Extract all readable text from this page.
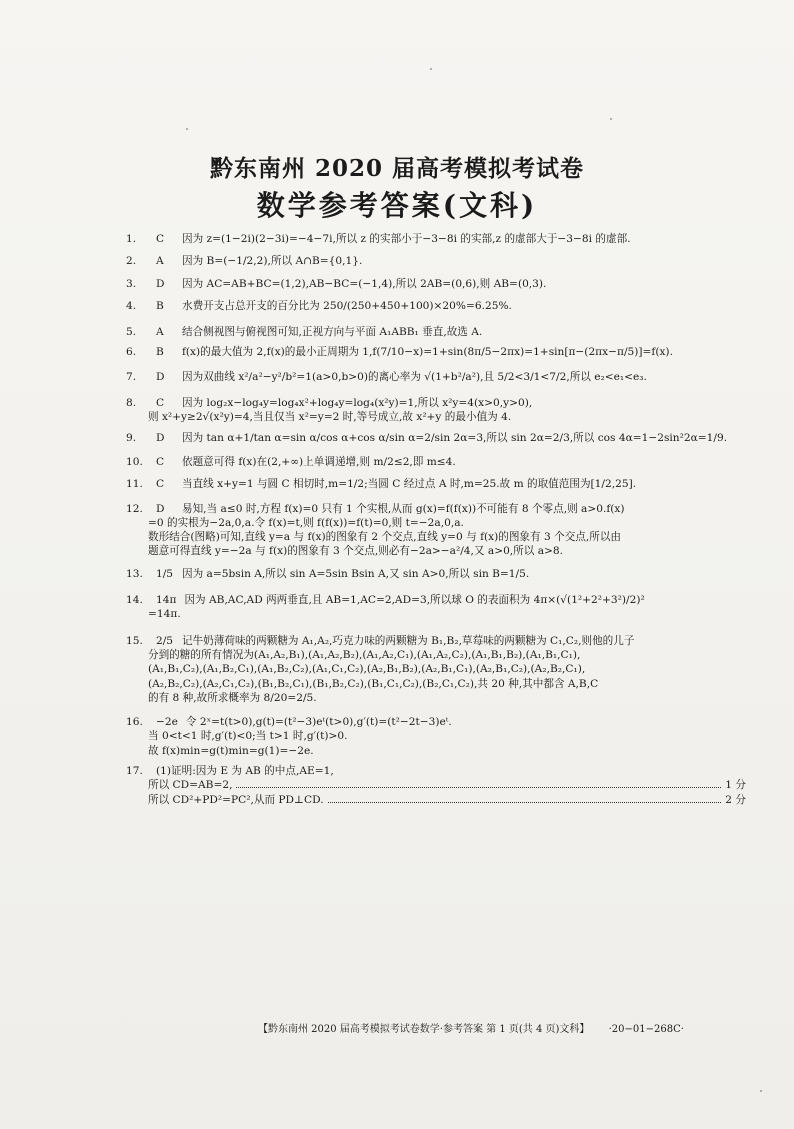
黔东南州 2020 届高考模拟考试卷
数学参考答案(文科)
1. C 因为 z=(1−2i)(2−3i)=−4−7i,所以 z 的实部小于−3−8i 的实部,z 的虚部大于−3−8i 的虚部.
2. A 因为 B=(−1/2,2),所以 A∩B={0,1}.
3. D 因为 AC=AB+BC=(1,2),AB−BC=(−1,4),所以 2AB=(0,6),则 AB=(0,3).
4. B 水费开支占总开支的百分比为 250/(250+450+100)×20%=6.25%.
5. A 结合侧视图与俯视图可知,正视方向与平面 A₁ABB₁ 垂直,故选 A.
6. B f(x)的最大值为 2,f(x)的最小正周期为 1,f(7/10−x)=1+sin(8π/5−2πx)=1+sin[π−(2πx−π/5)]=f(x).
7. D 因为双曲线 x²/a²−y²/b²=1(a>0,b>0)的离心率为 √(1+b²/a²),且 5/2<3/1<7/2,所以 e₂<e₁<e₃.
8. C 因为 log₂x−log₄y=log₄x²+log₄y=log₄(x²y)=1,所以 x²y=4(x>0,y>0),
则 x²+y≥2√(x²y)=4,当且仅当 x²=y=2 时,等号成立,故 x²+y 的最小值为 4.
9. D 因为 tan α+1/tan α=sin α/cos α+cos α/sin α=2/sin 2α=3,所以 sin 2α=2/3,所以 cos 4α=1−2sin²2α=1/9.
10. C 依题意可得 f(x)在(2,+∞)上单调递增,则 m/2≤2,即 m≤4.
11. C 当直线 x+y=1 与圆 C 相切时,m=1/2;当圆 C 经过点 A 时,m=25.故 m 的取值范围为[1/2,25].
12. D 易知,当 a≤0 时,方程 f(x)=0 只有 1 个实根,从而 g(x)=f(f(x))不可能有 8 个零点,则 a>0.f(x)
=0 的实根为−2a,0,a.令 f(x)=t,则 f(f(x))=f(t)=0,则 t=−2a,0,a.
数形结合(图略)可知,直线 y=a 与 f(x)的图象有 2 个交点,直线 y=0 与 f(x)的图象有 3 个交点,所以由
题意可得直线 y=−2a 与 f(x)的图象有 3 个交点,则必有−2a>−a²/4,又 a>0,所以 a>8.
13. 1/5 因为 a=5bsin A,所以 sin A=5sin Bsin A,又 sin A>0,所以 sin B=1/5.
14. 14π 因为 AB,AC,AD 两两垂直,且 AB=1,AC=2,AD=3,所以球 O 的表面积为 4π×(√(1²+2²+3²)/2)²
=14π.
15. 2/5 记牛奶薄荷味的两颗糖为 A₁,A₂,巧克力味的两颗糖为 B₁,B₂,草莓味的两颗糖为 C₁,C₂,则他的儿子
分到的糖的所有情况为(A₁,A₂,B₁),(A₁,A₂,B₂),(A₁,A₂,C₁),(A₁,A₂,C₂),(A₁,B₁,B₂),(A₁,B₁,C₁),
(A₁,B₁,C₂),(A₁,B₂,C₁),(A₁,B₂,C₂),(A₁,C₁,C₂),(A₂,B₁,B₂),(A₂,B₁,C₁),(A₂,B₁,C₂),(A₂,B₂,C₁),
(A₂,B₂,C₂),(A₂,C₁,C₂),(B₁,B₂,C₁),(B₁,B₂,C₂),(B₁,C₁,C₂),(B₂,C₁,C₂),共 20 种,其中都含 A,B,C
的有 8 种,故所求概率为 8/20=2/5.
16. −2e 令 2ˣ=t(t>0),g(t)=(t²−3)eᵗ(t>0),g′(t)=(t²−2t−3)eᵗ.
当 0<t<1 时,g′(t)<0;当 t>1 时,g′(t)>0.
故 f(x)min=g(t)min=g(1)=−2e.
17. (1)证明:因为 E 为 AB 的中点,AE=1,
所以 CD=AB=2,	1 分
所以 CD²+PD²=PC²,从而 PD⊥CD.	2 分
【黔东南州 2020 届高考模拟考试卷数学·参考答案 第 1 页(共 4 页)文科】 ·20−01−268C·
